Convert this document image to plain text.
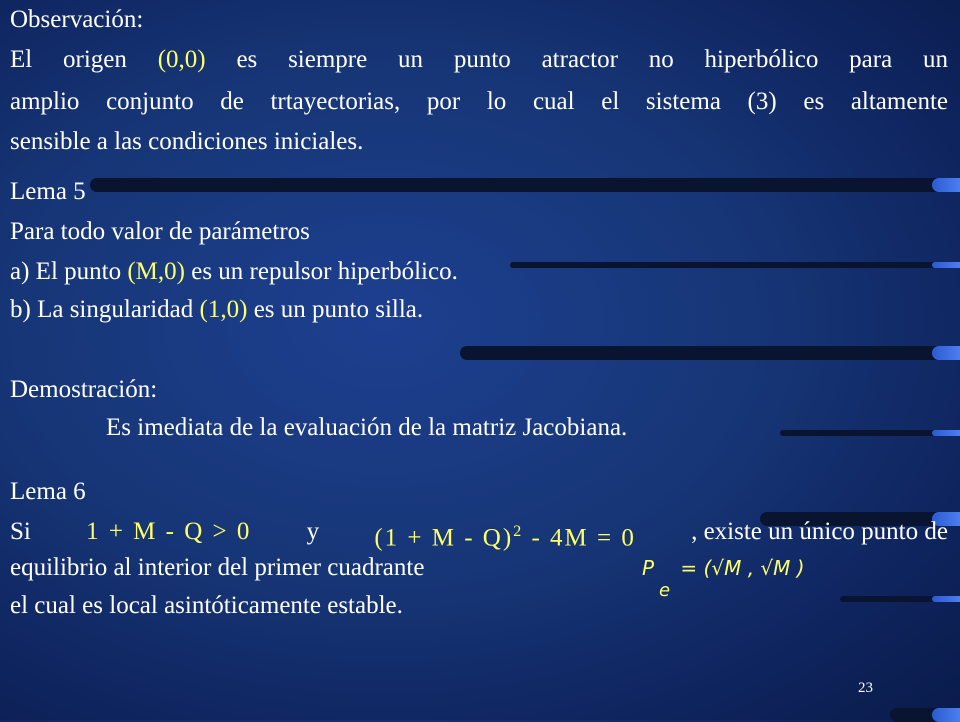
Observación:
El origen (0,0) es siempre un punto atractor no hiperbólico para un
amplio conjunto de trtayectorias, por lo cual el sistema (3) es altamente
sensible a las condiciones iniciales.
Lema 5
Para todo valor de parámetros
a) El punto (M,0) es un repulsor hiperbólico.
b) La singularidad (1,0) es un punto silla.
Demostración:
Es imediata de la evaluación de la matriz Jacobiana.
Lema 6
Si 1 + M - Q > 0 y $(1 + M - Q)^2 - 4M = 0$ , existe un único punto de
equilibrio al interior del primer cuadrante
el cual es local asintóticamente estable.
P
e
= (√M , √M )
23
